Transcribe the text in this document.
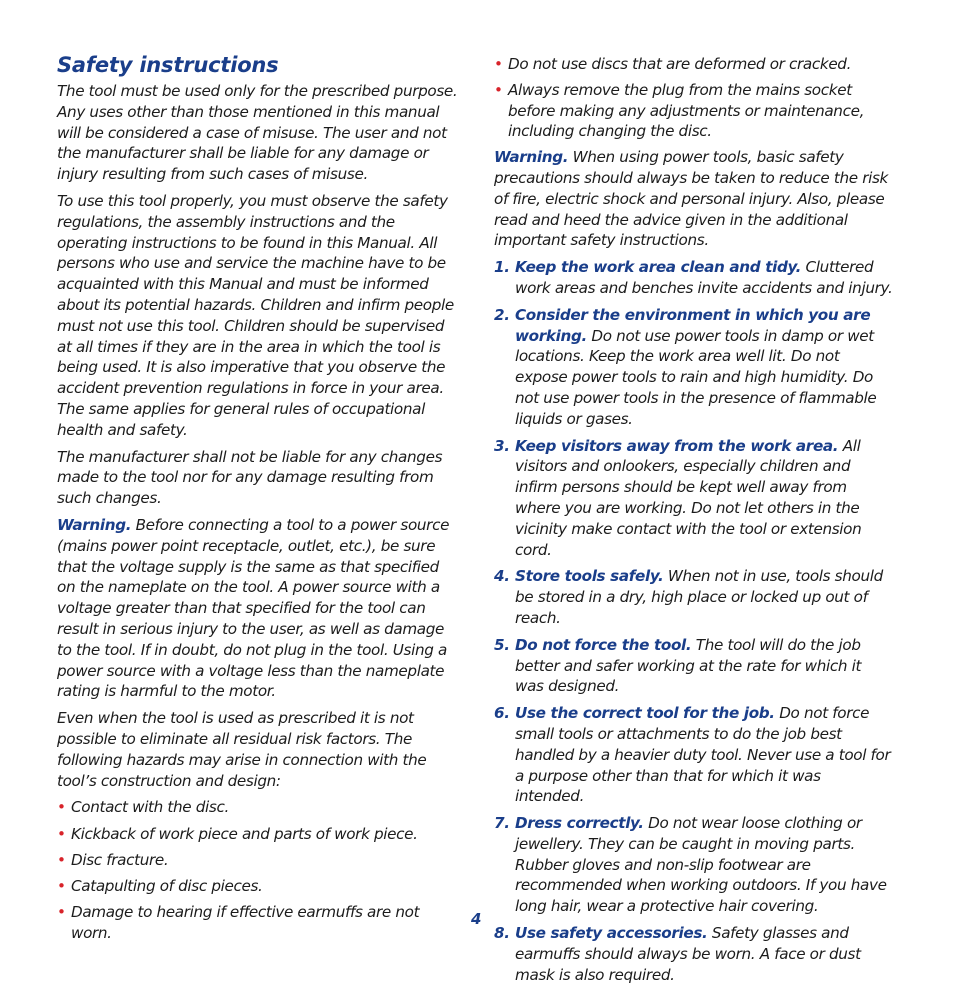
Safety instructions

The tool must be used only for the prescribed purpose. Any uses other than those mentioned in this manual will be considered a case of misuse. The user and not the manufacturer shall be liable for any damage or injury resulting from such cases of misuse.

To use this tool properly, you must observe the safety regulations, the assembly instructions and the operating instructions to be found in this Manual. All persons who use and service the machine have to be acquainted with this Manual and must be informed about its potential hazards. Children and infirm people must not use this tool. Children should be supervised at all times if they are in the area in which the tool is being used. It is also imperative that you observe the accident prevention regulations in force in your area. The same applies for general rules of occupational health and safety.

The manufacturer shall not be liable for any changes made to the tool nor for any damage resulting from such changes.

Warning. Before connecting a tool to a power source (mains power point receptacle, outlet, etc.), be sure that the voltage supply is the same as that specified on the nameplate on the tool. A power source with a voltage greater than that specified for the tool can result in serious injury to the user, as well as damage to the tool. If in doubt, do not plug in the tool. Using a power source with a voltage less than the nameplate rating is harmful to the motor.

Even when the tool is used as prescribed it is not possible to eliminate all residual risk factors. The following hazards may arise in connection with the tool’s construction and design:

• Contact with the disc.
• Kickback of work piece and parts of work piece.
• Disc fracture.
• Catapulting of disc pieces.
• Damage to hearing if effective earmuffs are not worn.
• Do not use discs that are deformed or cracked.
• Always remove the plug from the mains socket before making any adjustments or maintenance, including changing the disc.

Warning. When using power tools, basic safety precautions should always be taken to reduce the risk of fire, electric shock and personal injury. Also, please read and heed the advice given in the additional important safety instructions.

1. Keep the work area clean and tidy. Cluttered work areas and benches invite accidents and injury.
2. Consider the environment in which you are working. Do not use power tools in damp or wet locations. Keep the work area well lit. Do not expose power tools to rain and high humidity. Do not use power tools in the presence of flammable liquids or gases.
3. Keep visitors away from the work area. All visitors and onlookers, especially children and infirm persons should be kept well away from where you are working. Do not let others in the vicinity make contact with the tool or extension cord.
4. Store tools safely. When not in use, tools should be stored in a dry, high place or locked up out of reach.
5. Do not force the tool. The tool will do the job better and safer working at the rate for which it was designed.
6. Use the correct tool for the job. Do not force small tools or attachments to do the job best handled by a heavier duty tool. Never use a tool for a purpose other than that for which it was intended.
7. Dress correctly. Do not wear loose clothing or jewellery. They can be caught in moving parts. Rubber gloves and non-slip footwear are recommended when working outdoors. If you have long hair, wear a protective hair covering.
8. Use safety accessories. Safety glasses and earmuffs should always be worn. A face or dust mask is also required.
4
